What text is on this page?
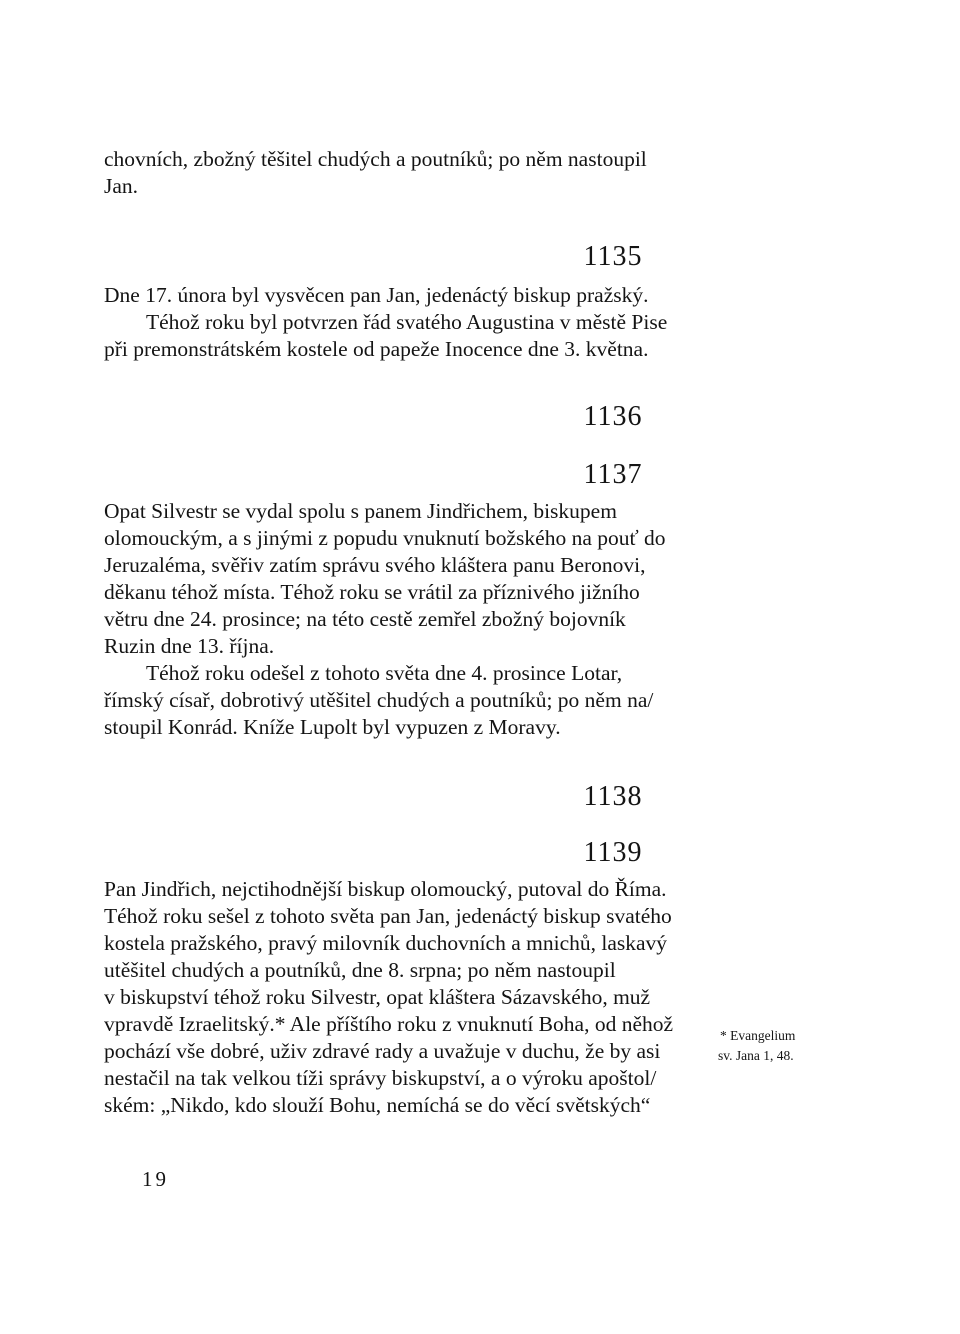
chovních, zbožný těšitel chudých a poutníků; po něm nastoupil
Jan.
1135
Dne 17. února byl vysvěcen pan Jan, jedenáctý biskup pražský.
Téhož roku byl potvrzen řád svatého Augustina v městě Pise
při premonstrátském kostele od papeže Inocence dne 3. května.
1136
1137
Opat Silvestr se vydal spolu s panem Jindřichem, biskupem
olomouckým, a s jinými z popudu vnuknutí božského na pouť do
Jeruzaléma, svěřiv zatím správu svého kláštera panu Beronovi,
děkanu téhož místa. Téhož roku se vrátil za příznivého jižního
větru dne 24. prosince; na této cestě zemřel zbožný bojovník
Ruzin dne 13. října.
Téhož roku odešel z tohoto světa dne 4. prosince Lotar,
římský císař, dobrotivý utěšitel chudých a poutníků; po něm na/
stoupil Konrád. Kníže Lupolt byl vypuzen z Moravy.
1138
1139
Pan Jindřich, nejctihodnější biskup olomoucký, putoval do Říma.
Téhož roku sešel z tohoto světa pan Jan, jedenáctý biskup svatého
kostela pražského, pravý milovník duchovních a mnichů, laskavý
utěšitel chudých a poutníků, dne 8. srpna; po něm nastoupil
v biskupství téhož roku Silvestr, opat kláštera Sázavského, muž
vpravdě Izraelitský.* Ale příštího roku z vnuknutí Boha, od něhož
pochází vše dobré, uživ zdravé rady a uvažuje v duchu, že by asi
nestačil na tak velkou tíži správy biskupství, a o výroku apoštol/
ském: „Nikdo, kdo slouží Bohu, nemíchá se do věcí světských“
* Evangelium
sv. Jana 1, 48.
19
